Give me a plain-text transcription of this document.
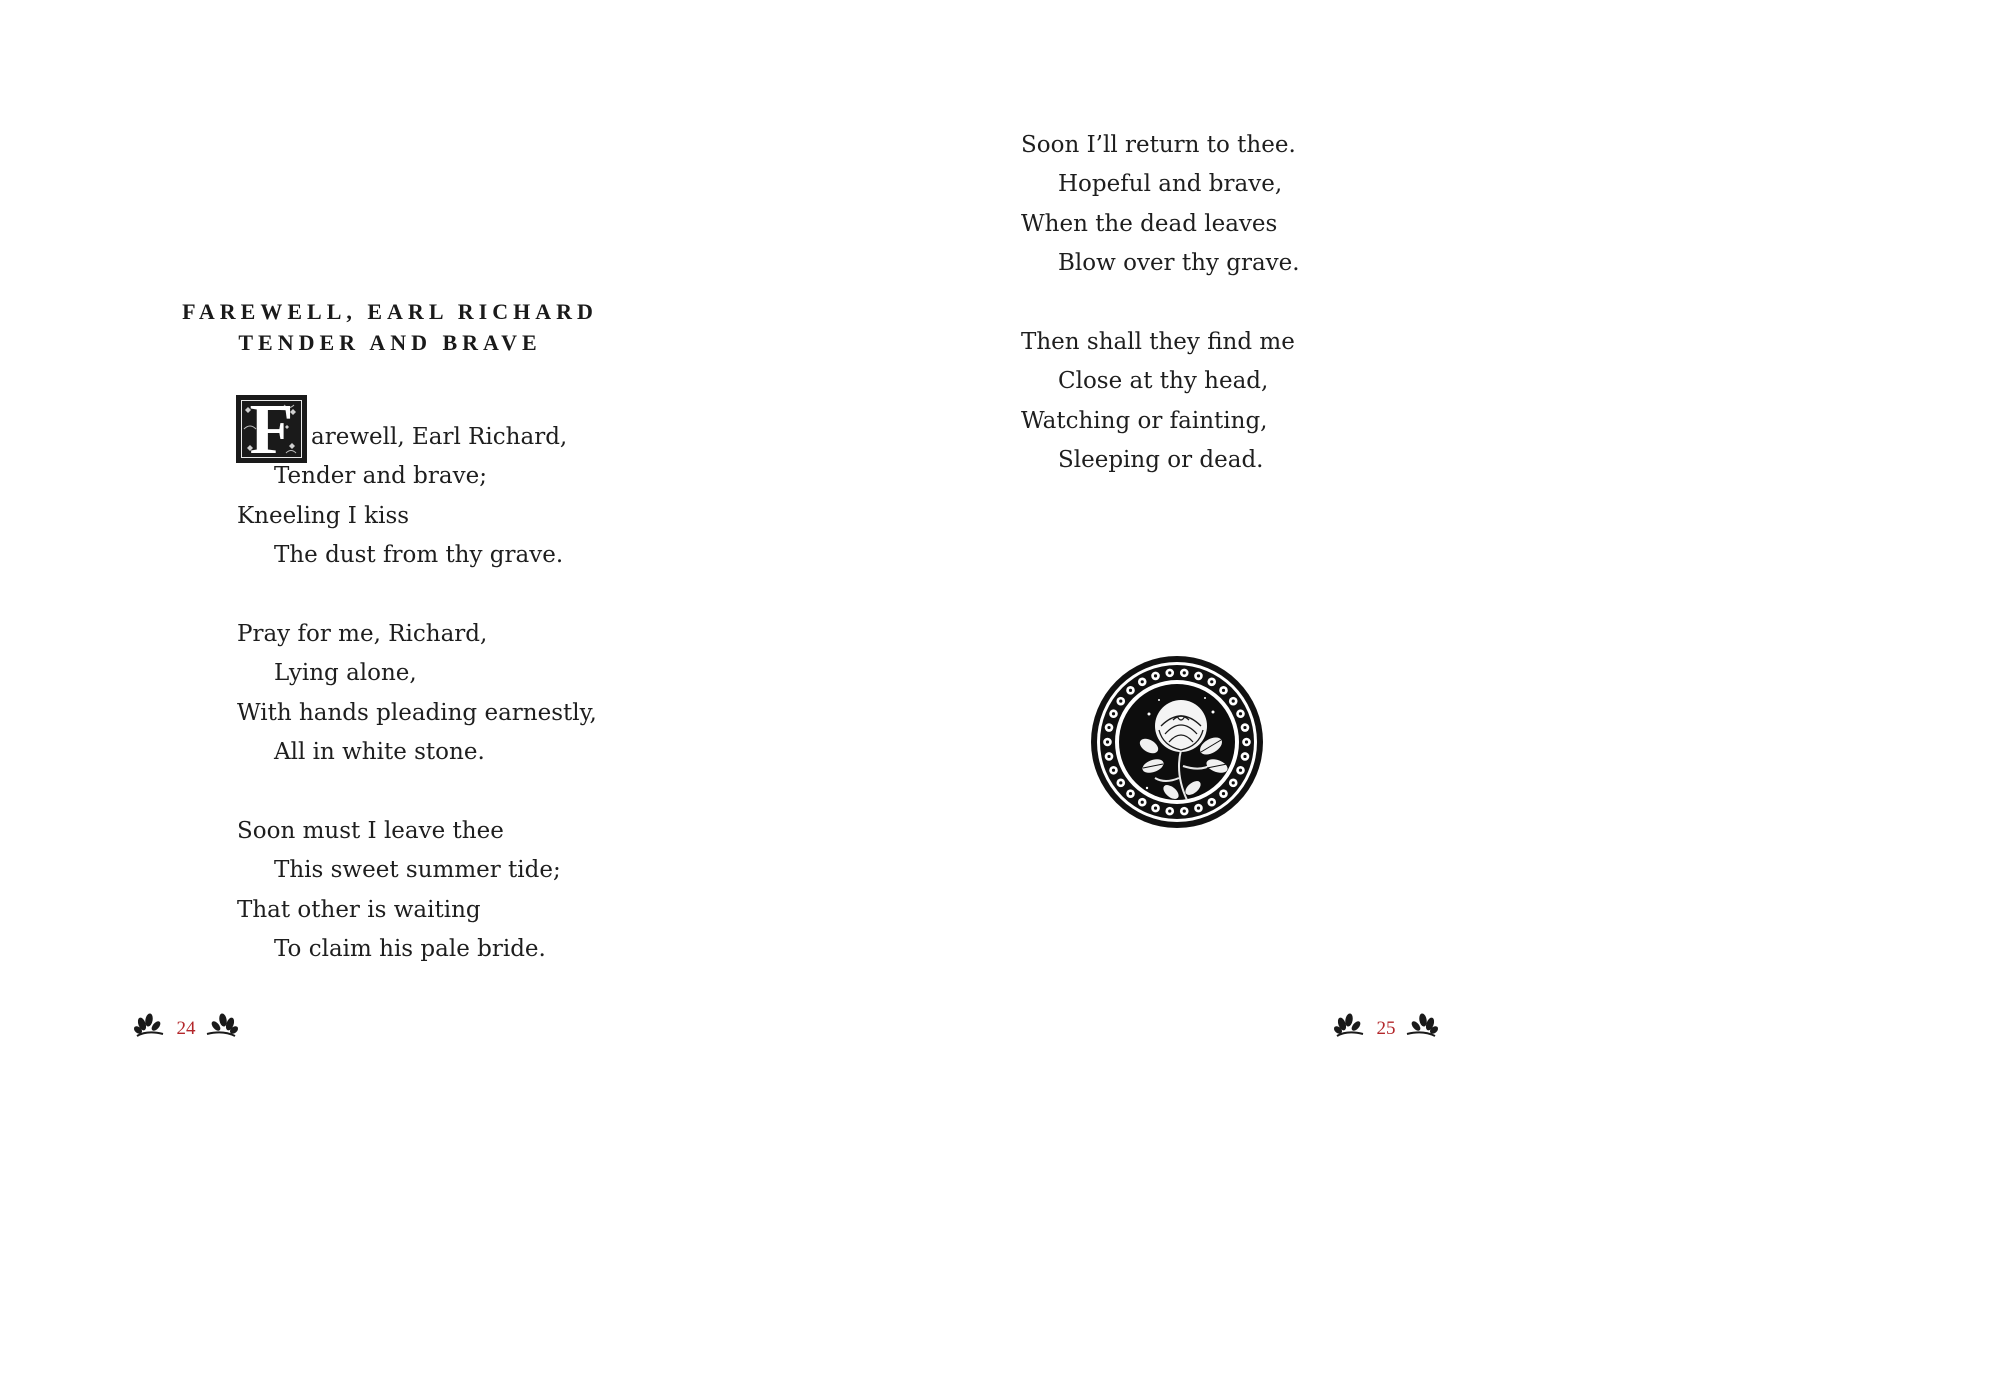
FAREWELL, EARL RICHARD
TENDER AND BRAVE
F arewell, Earl Richard,
Tender and brave;
Kneeling I kiss
The dust from thy grave.
Pray for me, Richard,
Lying alone,
With hands pleading earnestly,
All in white stone.
Soon must I leave thee
This sweet summer tide;
That other is waiting
To claim his pale bride.
24
Soon I’ll return to thee.
Hopeful and brave,
When the dead leaves
Blow over thy grave.
Then shall they find me
Close at thy head,
Watching or fainting,
Sleeping or dead.
25
